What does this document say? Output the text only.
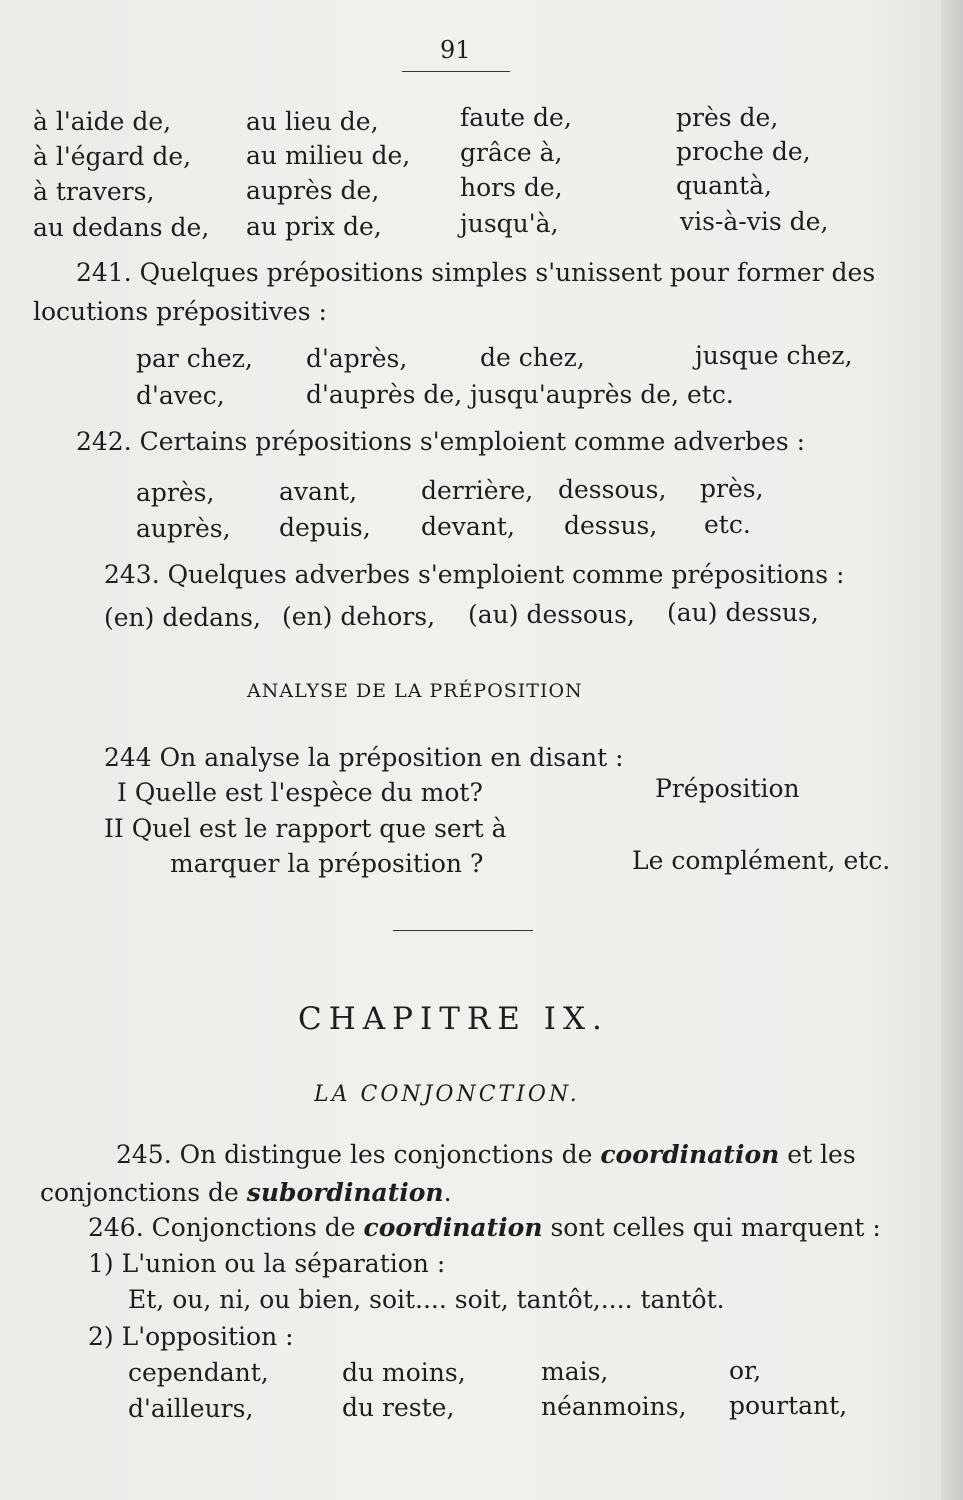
91
à l'aide de,	au lieu de,	faute de,	près de,
à l'égard de, au milieu de, grâce à,	proche de,
à travers,	auprès de,	hors de,	quantà,
au dedans de, au prix de,	jusqu'à,	vis-à-vis de,
241. Quelques prépositions simples s'unissent pour former des
locutions prépositives :
par chez, d'après,	de chez,	jusque chez,
d'avec,	d'auprès de, jusqu'auprès de, etc.
242. Certains prépositions s'emploient comme adverbes :
après,	avant,	derrière, dessous, près,
auprès, depuis, devant, dessus, etc.
243. Quelques adverbes s'emploient comme prépositions :
(en) dedans, (en) dehors, (au) dessous, (au) dessus,
ANALYSE DE LA PRÉPOSITION
244 On analyse la préposition en disant :
I Quelle est l'espèce du mot?	Préposition
II Quel est le rapport que sert à
marquer la préposition ?	Le complément, etc.
CHAPITRE IX.
LA CONJONCTION.
245. On distingue les conjonctions de coordination et les
conjonctions de subordination.
246. Conjonctions de coordination sont celles qui marquent :
1) L'union ou la séparation :
Et, ou, ni, ou bien, soit.... soit, tantôt,.... tantôt.
2) L'opposition :
cependant,	du moins,	mais,	or,
d'ailleurs,	du reste,	néanmoins, pourtant,
